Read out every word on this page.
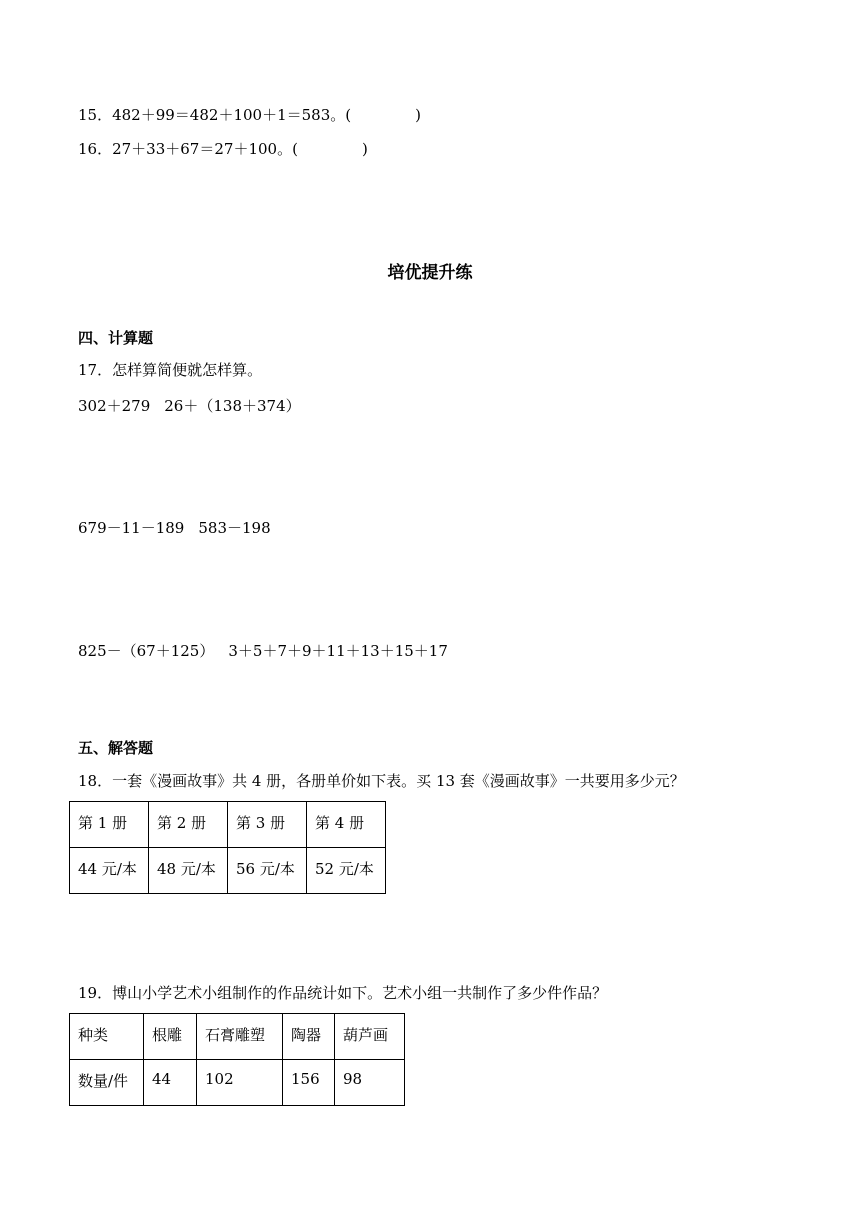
15．482＋99＝482＋100＋1＝583。(	)
16．27＋33＋67＝27＋100。(	)
培优提升练
四、计算题
17．怎样算简便就怎样算。
302＋279 26＋（138＋374）
679－11－189 583－198
825－（67＋125） 3＋5＋7＋9＋11＋13＋15＋17
五、解答题
18．一套《漫画故事》共 4 册，各册单价如下表。买 13 套《漫画故事》一共要用多少元？
第 1 册	第 2 册	第 3 册	第 4 册
44 元/本	48 元/本	56 元/本	52 元/本
19．博山小学艺术小组制作的作品统计如下。艺术小组一共制作了多少件作品？
种类	根雕	石膏雕塑	陶器	葫芦画
数量/件	44	102	156	98
